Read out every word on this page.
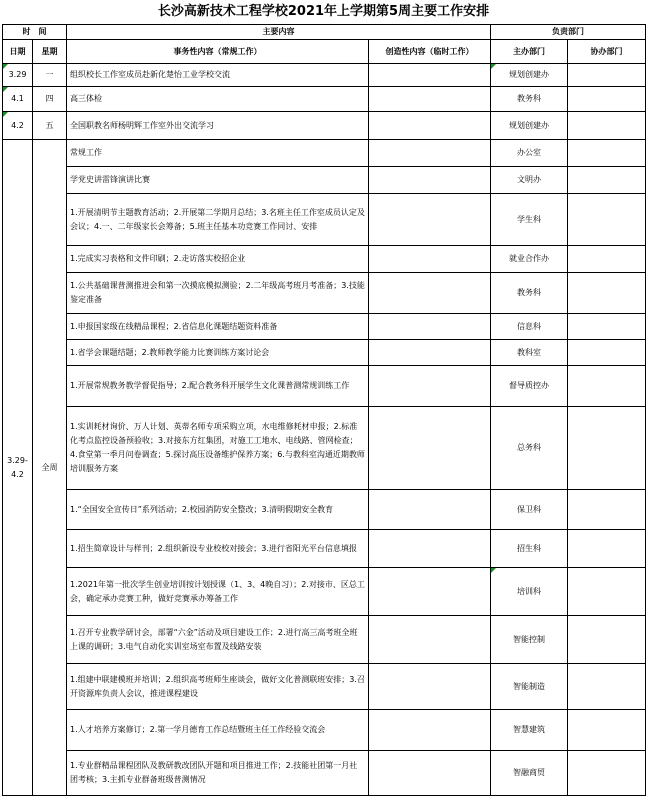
长沙高新技术工程学校2021年上学期第5周主要工作安排
时　间		主要内容		负责部门	
日期	星期	事务性内容（常规工作）	创造性内容（临时工作）	主办部门	协办部门
3.29	一	组织校长工作室成员赴新化楚怡工业学校交流		规划创建办	
4.1	四	高三体检		教务科	
4.2	五	全国职教名师杨明辉工作室外出交流学习		规划创建办	
3.29-4.2	全周	常规工作		办公室	
		学党史讲雷锋演讲比赛		文明办	
		1.开展清明节主题教育活动；2.开展第二学期月总结；3.名班主任工作室成员认定及会议；4.一、二年级家长会筹备；5.班主任基本功竞赛工作同讨、安排		学生科	
		1.完成实习表格和文件印刷；2.走访落实校招企业		就业合作办	
		1.公共基础课普测推进会和第一次摸底模拟测验；2.二年级高考班月考准备；3.技能鉴定准备		教务科	
		1.申报国家级在线精品课程；2.省信息化课题结题资料准备		信息科	
		1.省学会课题结题；2.教师教学能力比赛训练方案讨论会		教科室	
		1.开展常规教务教学督促指导；2.配合教务科开展学生文化课普测常规训练工作		督导质控办	
		1.实训耗材询价、万人计划、英蒂名师专项采购立项，水电维修耗材申报；2.标准化考点监控设备预验收；3.对接东方红集团，对施工工地水、电线路、管网检查；4.食堂第一季月问卷调查；5.探讨高压设备维护保养方案；6.与教科室沟通近期教师培训服务方案		总务科	
		1.“全国安全宣传日”系列活动；2.校园消防安全整改；3.清明假期安全教育		保卫科	
		1.招生简章设计与样刊；2.组织新设专业校校对接会；3.进行省阳光平台信息填报		招生科	
		1.2021年第一批次学生创业培训按计划授课（1、3、4晚自习）；2.对接市、区总工会，确定承办竞赛工种，做好竞赛承办筹备工作		培训科	
		1.召开专业教学研讨会，部署“六金”活动及项目建设工作；2.进行高三高考班全班上课的调研；3.电气自动化实训室场室布置及线路安装		智能控制	
		1.组建中联建模班并培训；2.组织高考班师生座谈会，做好文化普测联班安排；3.召开资源库负责人会议，推进课程建设		智能制造	
		1.人才培养方案修订；2.第一学月德育工作总结暨班主任工作经验交流会		智慧建筑	
		1.专业群精品课程团队及教研教改团队开题和项目推进工作；2.技能社团第一月社团考核；3.主抓专业群备班级普测情况		智融商贸	
